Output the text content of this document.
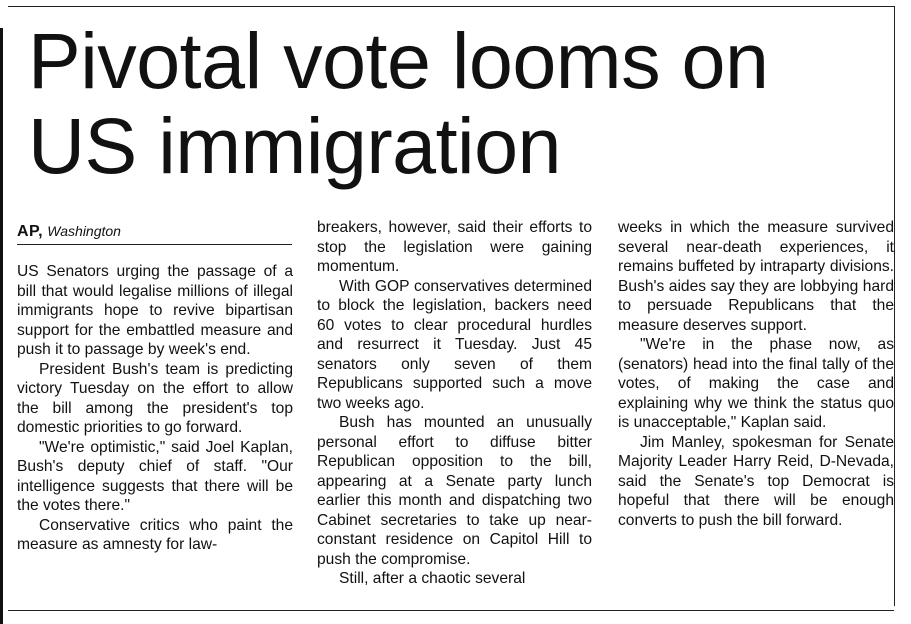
Pivotal vote looms on US immigration
AP, Washington

US Senators urging the passage of a bill that would legalise millions of illegal immigrants hope to revive bipartisan support for the embattled measure and push it to passage by week's end.

President Bush's team is predicting victory Tuesday on the effort to allow the bill among the president's top domestic priorities to go forward.

"We're optimistic," said Joel Kaplan, Bush's deputy chief of staff. "Our intelligence suggests that there will be the votes there."

Conservative critics who paint the measure as amnesty for law-

breakers, however, said their efforts to stop the legislation were gaining momentum.

With GOP conservatives determined to block the legislation, backers need 60 votes to clear procedural hurdles and resurrect it Tuesday. Just 45 senators only seven of them Republicans supported such a move two weeks ago.

Bush has mounted an unusually personal effort to diffuse bitter Republican opposition to the bill, appearing at a Senate party lunch earlier this month and dispatching two Cabinet secretaries to take up near-constant residence on Capitol Hill to push the compromise.

Still, after a chaotic several

weeks in which the measure survived several near-death experiences, it remains buffeted by intraparty divisions. Bush's aides say they are lobbying hard to persuade Republicans that the measure deserves support.

"We're in the phase now, as (senators) head into the final tally of the votes, of making the case and explaining why we think the status quo is unacceptable," Kaplan said.

Jim Manley, spokesman for Senate Majority Leader Harry Reid, D-Nevada, said the Senate's top Democrat is hopeful that there will be enough converts to push the bill forward.
